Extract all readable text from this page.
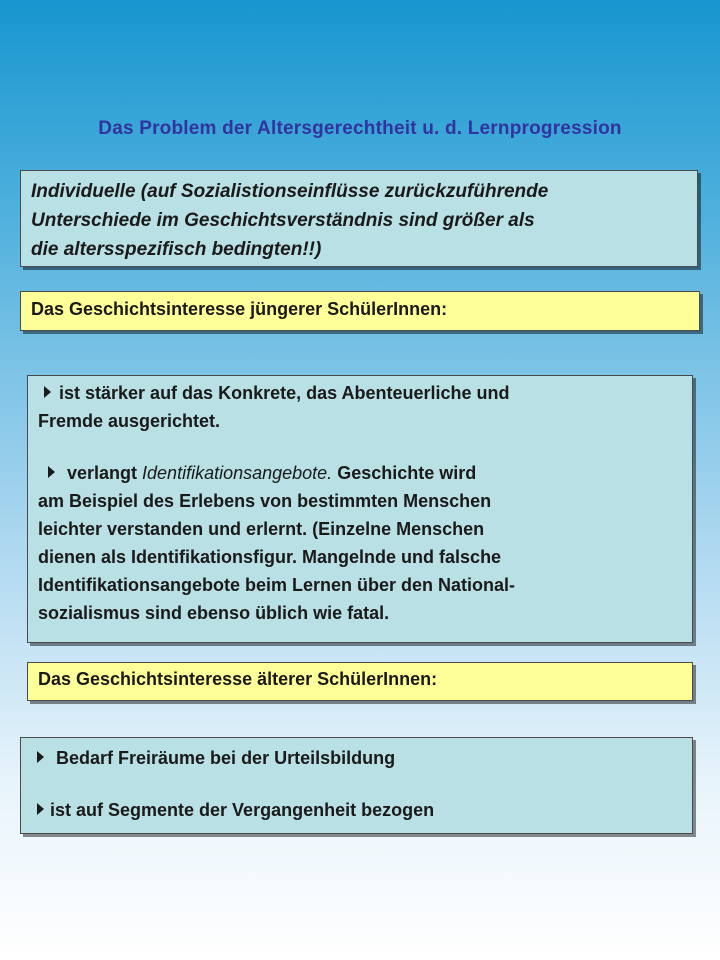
Das Problem der Altersgerechtheit u. d. Lernprogression
Individuelle (auf Sozialistionseinflüsse zurückzuführende
Unterschiede im Geschichtsverständnis sind größer als
die altersspezifisch bedingten!!)
Das Geschichtsinteresse jüngerer SchülerInnen:
ist stärker auf das Konkrete, das Abenteuerliche und
Fremde ausgerichtet.
verlangt Identifikationsangebote. Geschichte wird
am Beispiel des Erlebens von bestimmten Menschen
leichter verstanden und erlernt. (Einzelne Menschen
dienen als Identifikationsfigur. Mangelnde und falsche
Identifikationsangebote beim Lernen über den National-
sozialismus sind ebenso üblich wie fatal.
Das Geschichtsinteresse älterer SchülerInnen:
Bedarf Freiräume bei der Urteilsbildung
ist auf Segmente der Vergangenheit bezogen
